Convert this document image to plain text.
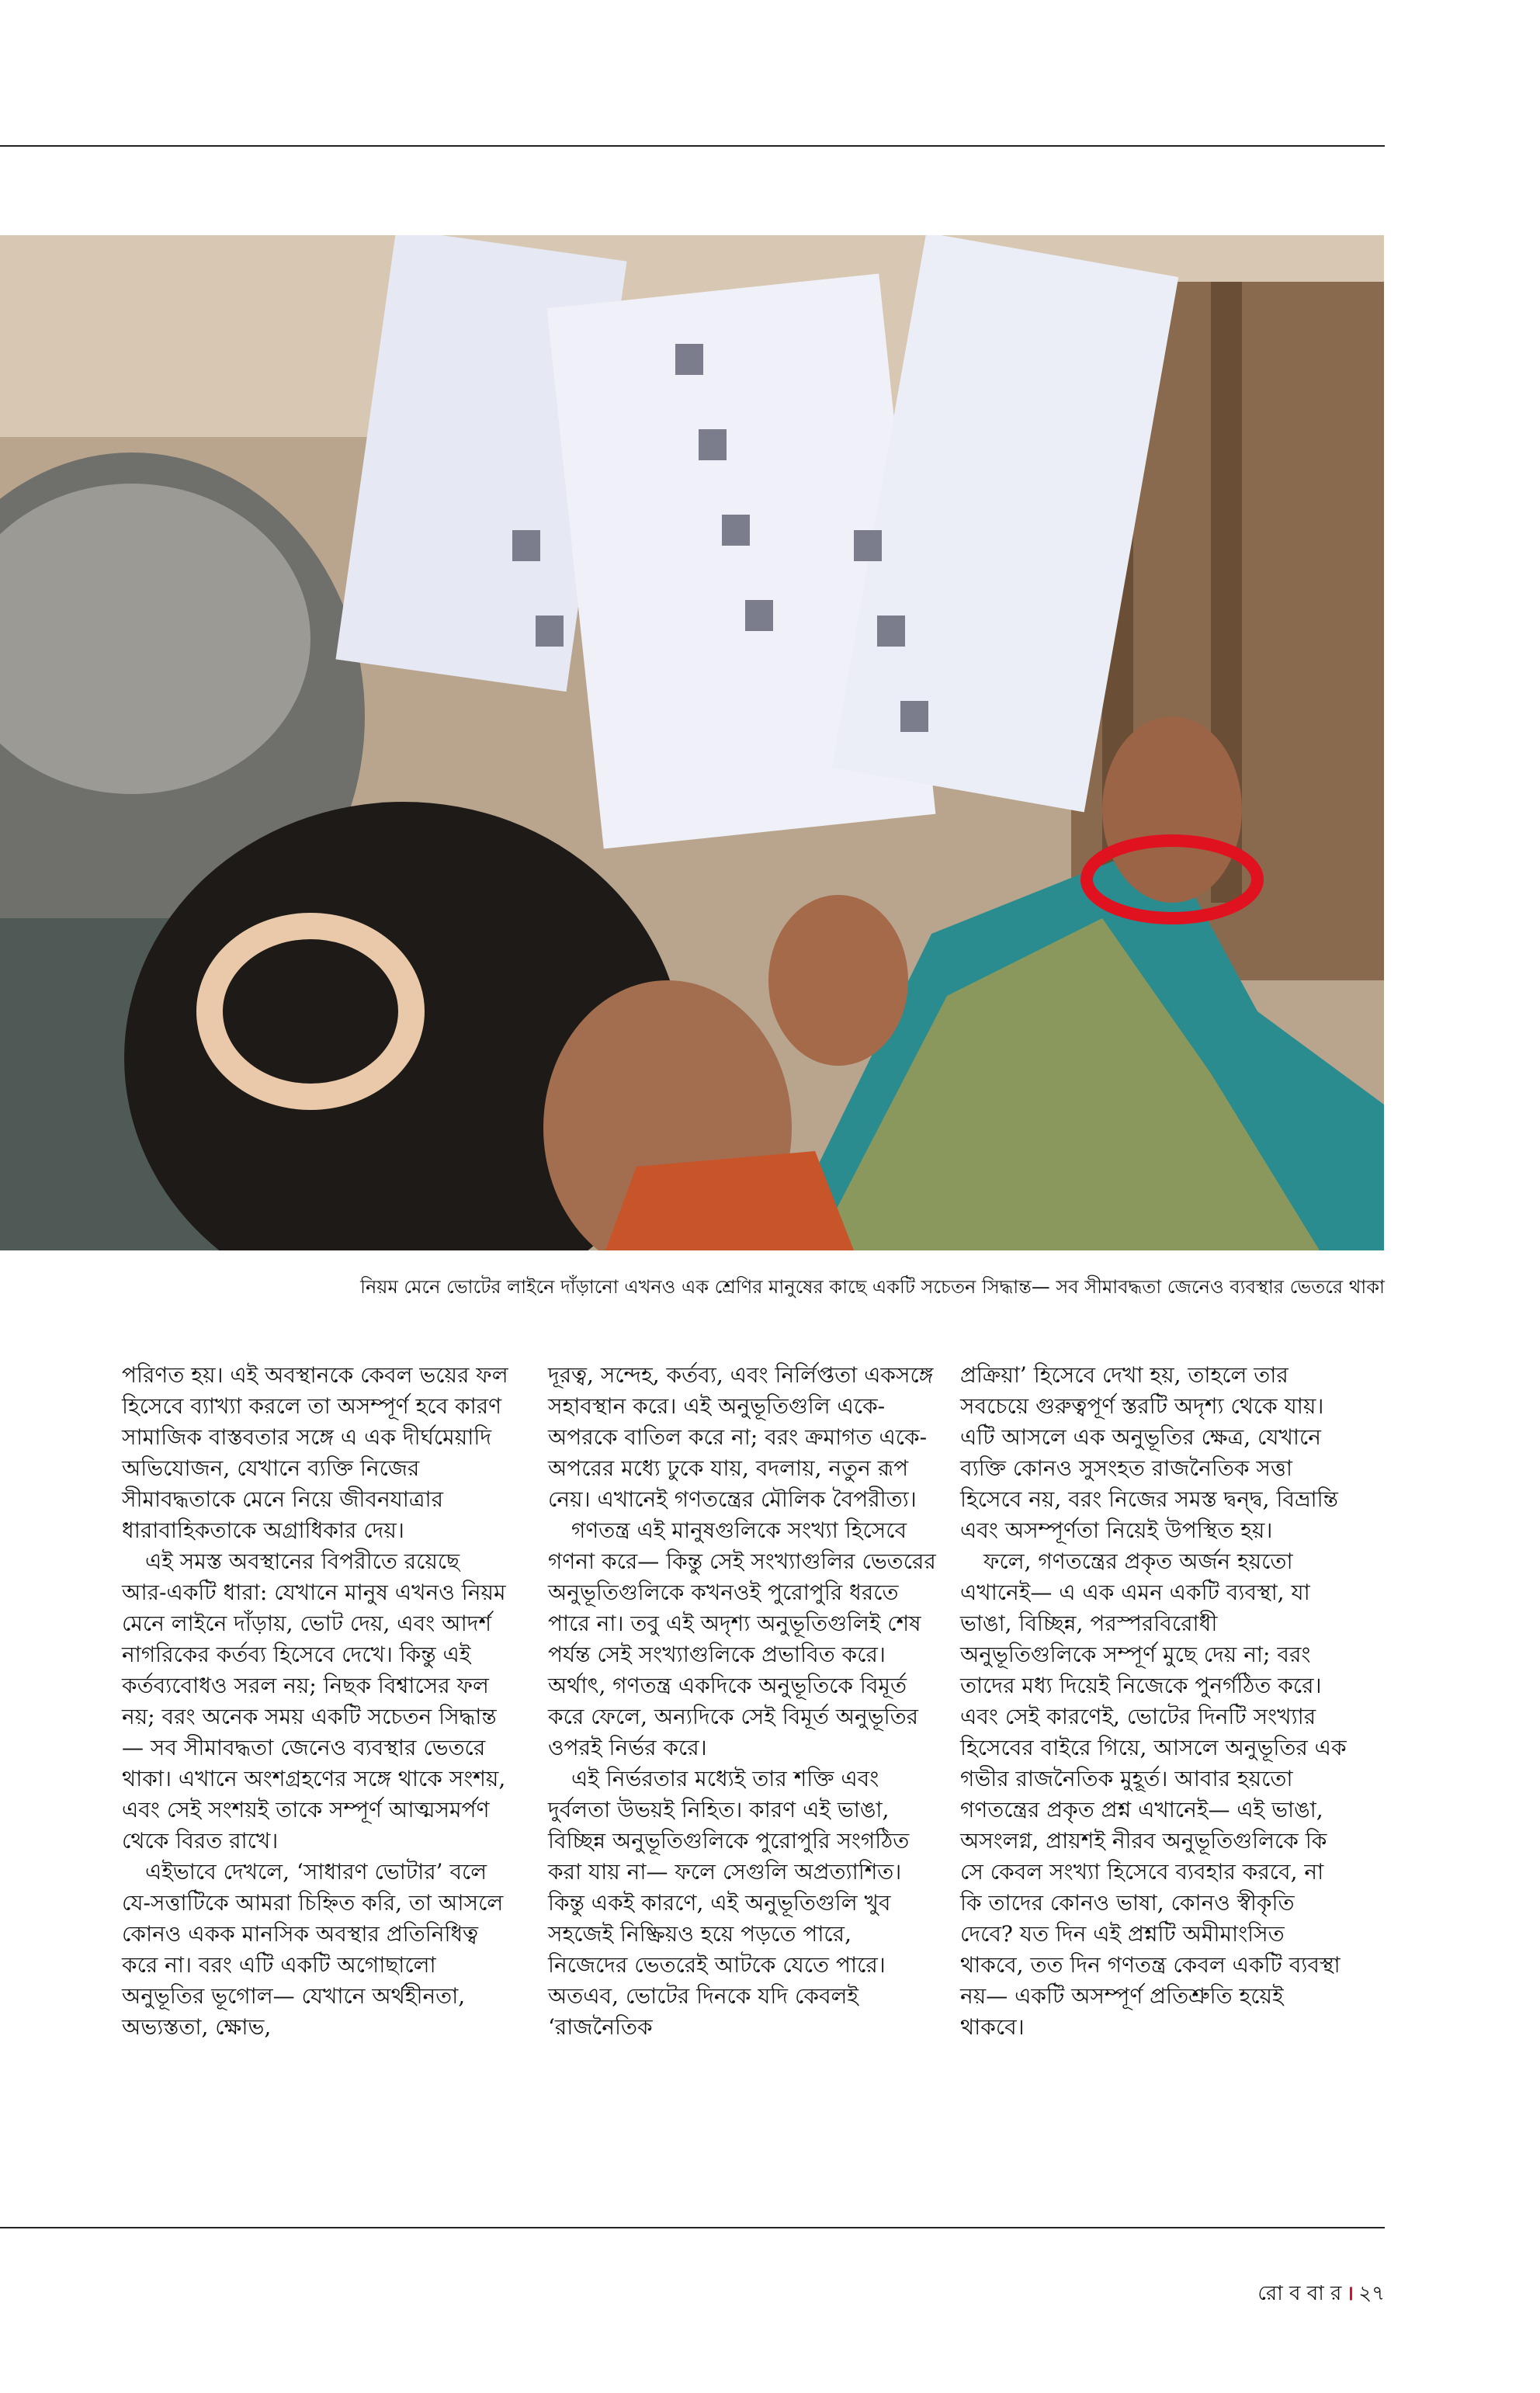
নিয়ম মেনে ভোটের লাইনে দাঁড়ানো এখনও এক শ্রেণির মানুষের কাছে একটি সচেতন সিদ্ধান্ত— সব সীমাবদ্ধতা জেনেও ব্যবস্থার ভেতরে থাকা

পরিণত হয়। এই অবস্থানকে কেবল ভয়ের ফল হিসেবে ব্যাখ্যা করলে তা অসম্পূর্ণ হবে কারণ সামাজিক বাস্তবতার সঙ্গে এ এক দীর্ঘমেয়াদি অভিযোজন, যেখানে ব্যক্তি নিজের সীমাবদ্ধতাকে মেনে নিয়ে জীবনযাত্রার ধারাবাহিকতাকে অগ্রাধিকার দেয়।

এই সমস্ত অবস্থানের বিপরীতে রয়েছে আর-একটি ধারা: যেখানে মানুষ এখনও নিয়ম মেনে লাইনে দাঁড়ায়, ভোট দেয়, এবং আদর্শ নাগরিকের কর্তব্য হিসেবে দেখে। কিন্তু এই কর্তব্যবোধও সরল নয়; নিছক বিশ্বাসের ফল নয়; বরং অনেক সময় একটি সচেতন সিদ্ধান্ত— সব সীমাবদ্ধতা জেনেও ব্যবস্থার ভেতরে থাকা। এখানে অংশগ্রহণের সঙ্গে থাকে সংশয়, এবং সেই সংশয়ই তাকে সম্পূর্ণ আত্মসমর্পণ থেকে বিরত রাখে।

এইভাবে দেখলে, ‘সাধারণ ভোটার’ বলে যে-সত্তাটিকে আমরা চিহ্নিত করি, তা আসলে কোনও একক মানসিক অবস্থার প্রতিনিধিত্ব করে না। বরং এটি একটি অগোছালো অনুভূতির ভূগোল— যেখানে অর্থহীনতা, অভ্যস্ততা, ক্ষোভ,

দূরত্ব, সন্দেহ, কর্তব্য, এবং নির্লিপ্ততা একসঙ্গে সহাবস্থান করে। এই অনুভূতিগুলি একে-অপরকে বাতিল করে না; বরং ক্রমাগত একে-অপরের মধ্যে ঢুকে যায়, বদলায়, নতুন রূপ নেয়। এখানেই গণতন্ত্রের মৌলিক বৈপরীত্য।

গণতন্ত্র এই মানুষগুলিকে সংখ্যা হিসেবে গণনা করে— কিন্তু সেই সংখ্যাগুলির ভেতরের অনুভূতিগুলিকে কখনওই পুরোপুরি ধরতে পারে না। তবু এই অদৃশ্য অনুভূতিগুলিই শেষ পর্যন্ত সেই সংখ্যাগুলিকে প্রভাবিত করে। অর্থাৎ, গণতন্ত্র একদিকে অনুভূতিকে বিমূর্ত করে ফেলে, অন্যদিকে সেই বিমূর্ত অনুভূতির ওপরই নির্ভর করে।

এই নির্ভরতার মধ্যেই তার শক্তি এবং দুর্বলতা উভয়ই নিহিত। কারণ এই ভাঙা, বিচ্ছিন্ন অনুভূতিগুলিকে পুরোপুরি সংগঠিত করা যায় না— ফলে সেগুলি অপ্রত্যাশিত। কিন্তু একই কারণে, এই অনুভূতিগুলি খুব সহজেই নিষ্ক্রিয়ও হয়ে পড়তে পারে, নিজেদের ভেতরেই আটকে যেতে পারে। অতএব, ভোটের দিনকে যদি কেবলই ‘রাজনৈতিক

প্রক্রিয়া’ হিসেবে দেখা হয়, তাহলে তার সবচেয়ে গুরুত্বপূর্ণ স্তরটি অদৃশ্য থেকে যায়। এটি আসলে এক অনুভূতির ক্ষেত্র, যেখানে ব্যক্তি কোনও সুসংহত রাজনৈতিক সত্তা হিসেবে নয়, বরং নিজের সমস্ত দ্বন্দ্ব, বিভ্রান্তি এবং অসম্পূর্ণতা নিয়েই উপস্থিত হয়।

ফলে, গণতন্ত্রের প্রকৃত অর্জন হয়তো এখানেই— এ এক এমন একটি ব্যবস্থা, যা ভাঙা, বিচ্ছিন্ন, পরস্পরবিরোধী অনুভূতিগুলিকে সম্পূর্ণ মুছে দেয় না; বরং তাদের মধ্য দিয়েই নিজেকে পুনর্গঠিত করে। এবং সেই কারণেই, ভোটের দিনটি সংখ্যার হিসেবের বাইরে গিয়ে, আসলে অনুভূতির এক গভীর রাজনৈতিক মুহূর্ত। আবার হয়তো গণতন্ত্রের প্রকৃত প্রশ্ন এখানেই— এই ভাঙা, অসংলগ্ন, প্রায়শই নীরব অনুভূতিগুলিকে কি সে কেবল সংখ্যা হিসেবে ব্যবহার করবে, না কি তাদের কোনও ভাষা, কোনও স্বীকৃতি দেবে? যত দিন এই প্রশ্নটি অমীমাংসিত থাকবে, তত দিন গণতন্ত্র কেবল একটি ব্যবস্থা নয়— একটি অসম্পূর্ণ প্রতিশ্রুতি হয়েই থাকবে।

রো ব বা র । ২৭
